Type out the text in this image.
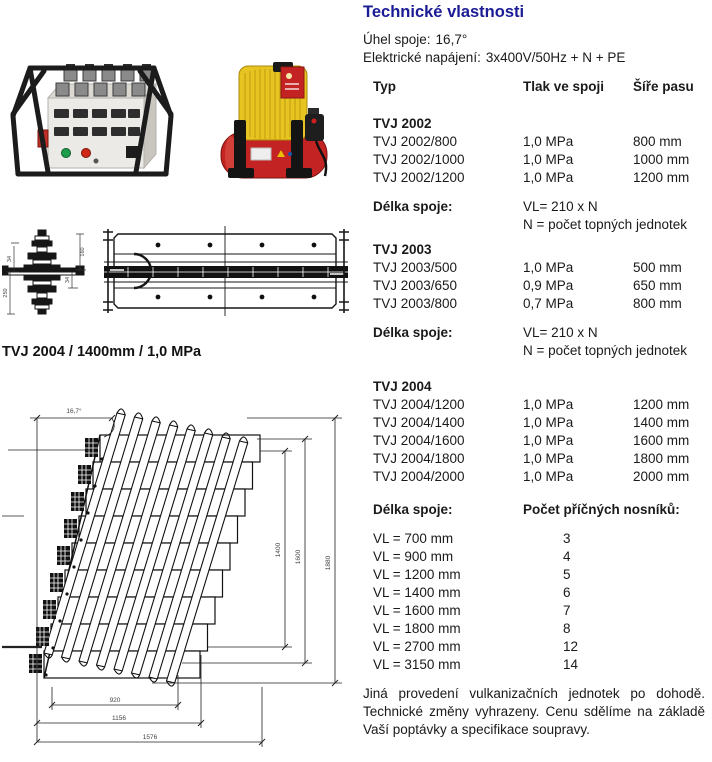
34
250
160
34
TVJ 2004 / 1400mm / 1,0 MPa
16,7°
1400 1600	1880
920
1156
1576
Technické vlastnosti
Úhel spoje: 16,7°
Elektrické napájení: 3x400V/50Hz + N + PE
Typ	Tlak ve spoji	Šíře pasu
TVJ 2002
TVJ 2002/800	1,0 MPa	800 mm
TVJ 2002/1000	1,0 MPa	1000 mm
TVJ 2002/1200	1,0 MPa	1200 mm
Délka spoje:	VL= 210 x N
N = počet topných jednotek
TVJ 2003
TVJ 2003/500	1,0 MPa	500 mm
TVJ 2003/650	0,9 MPa	650 mm
TVJ 2003/800	0,7 MPa	800 mm
Délka spoje:	VL= 210 x N
N = počet topných jednotek
TVJ 2004
TVJ 2004/1200	1,0 MPa	1200 mm
TVJ 2004/1400	1,0 MPa	1400 mm
TVJ 2004/1600	1,0 MPa	1600 mm
TVJ 2004/1800	1,0 MPa	1800 mm
TVJ 2004/2000	1,0 MPa	2000 mm
Délka spoje:	Počet příčných nosníků:
VL = 700 mm	3
VL = 900 mm	4
VL = 1200 mm	5
VL = 1400 mm	6
VL = 1600 mm	7
VL = 1800 mm	8
VL = 2700 mm	12
VL = 3150 mm	14
Jiná provedení vulkanizačních jednotek po dohodě. Technické změny vyhrazeny. Cenu sdělíme na základě Vaší poptávky a specifikace soupravy.
